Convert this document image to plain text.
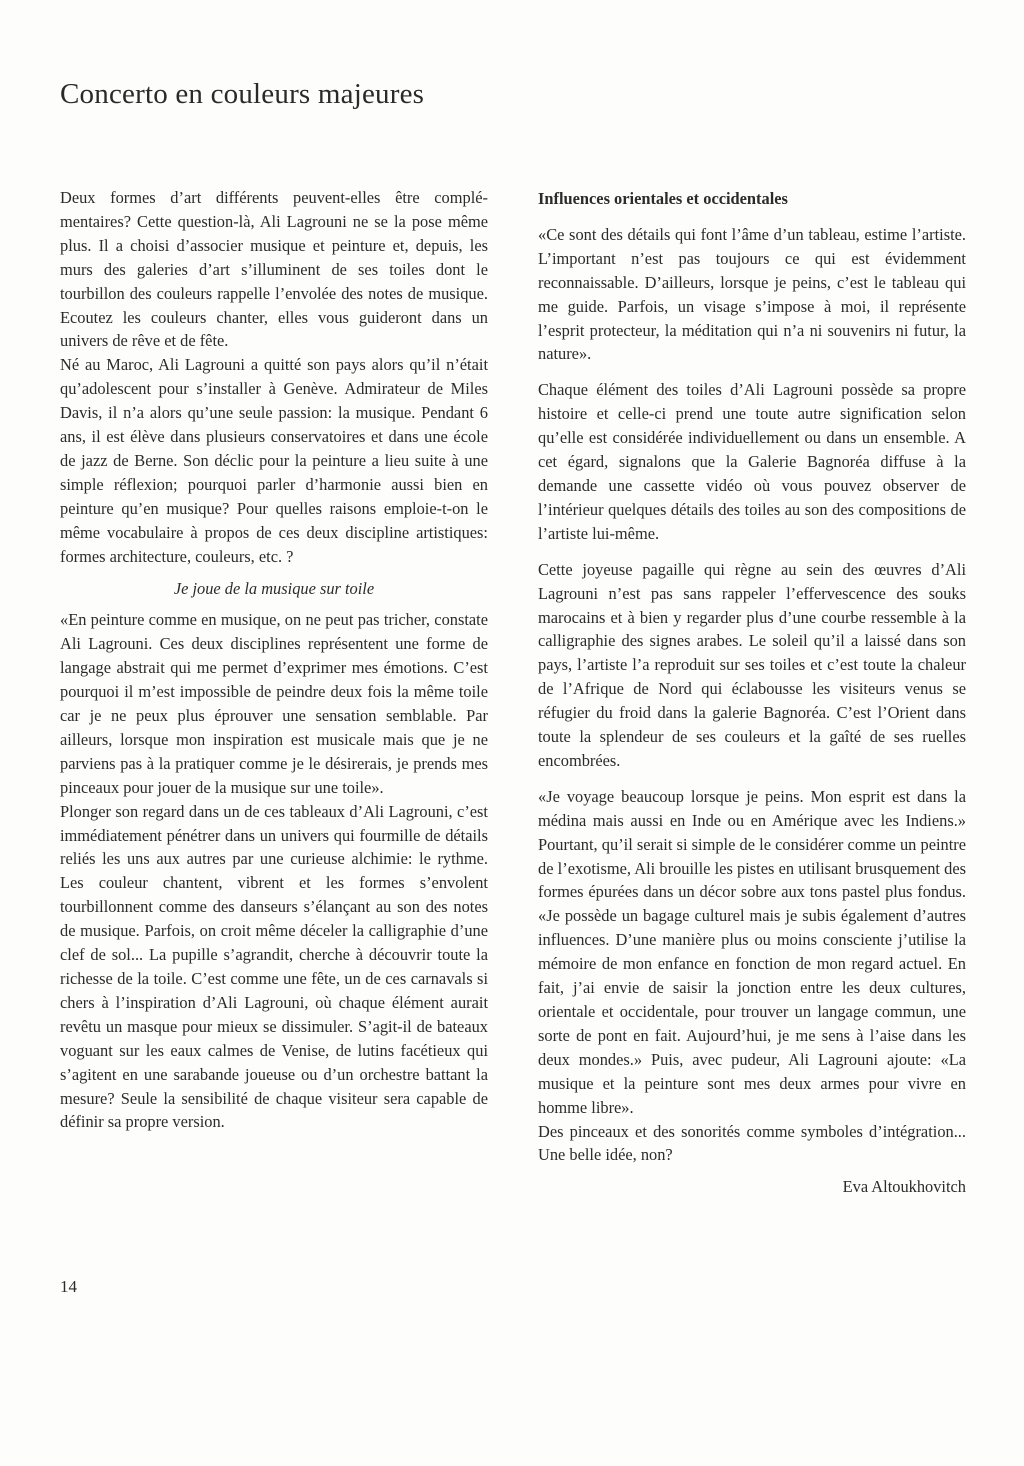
Concerto en couleurs majeures

Deux formes d’art différents peuvent-elles être complémentaires? Cette question-là, Ali Lagrouni ne se la pose même plus. Il a choisi d’associer musique et peinture et, depuis, les murs des galeries d’art s’illuminent de ses toiles dont le tourbillon des couleurs rappelle l’envolée des notes de musique. Ecoutez les couleurs chanter, elles vous guideront dans un univers de rêve et de fête.

Né au Maroc, Ali Lagrouni a quitté son pays alors qu’il n’était qu’adolescent pour s’installer à Genève. Admirateur de Miles Davis, il n’a alors qu’une seule passion: la musique. Pendant 6 ans, il est élève dans plusieurs conservatoires et dans une école de jazz de Berne. Son déclic pour la peinture a lieu suite à une simple réflexion; pourquoi parler d’harmonie aussi bien en peinture qu’en musique? Pour quelles raisons emploie-t-on le même vocabulaire à propos de ces deux discipline artistiques: formes architecture, couleurs, etc. ?

Je joue de la musique sur toile

«En peinture comme en musique, on ne peut pas tricher, constate Ali Lagrouni. Ces deux disciplines représentent une forme de langage abstrait qui me permet d’exprimer mes émotions. C’est pourquoi il m’est impossible de peindre deux fois la même toile car je ne peux plus éprouver une sensation semblable. Par ailleurs, lorsque mon inspiration est musicale mais que je ne parviens pas à la pratiquer comme je le désirerais, je prends mes pinceaux pour jouer de la musique sur une toile».

Plonger son regard dans un de ces tableaux d’Ali Lagrouni, c’est immédiatement pénétrer dans un univers qui fourmille de détails reliés les uns aux autres par une curieuse alchimie: le rythme. Les couleur chantent, vibrent et les formes s’envolent tourbillonnent comme des danseurs s’élançant au son des notes de musique. Parfois, on croit même déceler la calligraphie d’une clef de sol... La pupille s’agrandit, cherche à découvrir toute la richesse de la toile. C’est comme une fête, un de ces carnavals si chers à l’inspiration d’Ali Lagrouni, où chaque élément aurait revêtu un masque pour mieux se dissimuler. S’agit-il de bateaux voguant sur les eaux calmes de Venise, de lutins facétieux qui s’agitent en une sarabande joueuse ou d’un orchestre battant la mesure? Seule la sensibilité de chaque visiteur sera capable de définir sa propre version.

Influences orientales et occidentales

«Ce sont des détails qui font l’âme d’un tableau, estime l’artiste. L’important n’est pas toujours ce qui est évidemment reconnaissable. D’ailleurs, lorsque je peins, c’est le tableau qui me guide. Parfois, un visage s’impose à moi, il représente l’esprit protecteur, la méditation qui n’a ni souvenirs ni futur, la nature».

Chaque élément des toiles d’Ali Lagrouni possède sa propre histoire et celle-ci prend une toute autre signification selon qu’elle est considérée individuellement ou dans un ensemble. A cet égard, signalons que la Galerie Bagnoréa diffuse à la demande une cassette vidéo où vous pouvez observer de l’intérieur quelques détails des toiles au son des compositions de l’artiste lui-même.

Cette joyeuse pagaille qui règne au sein des œuvres d’Ali Lagrouni n’est pas sans rappeler l’effervescence des souks marocains et à bien y regarder plus d’une courbe ressemble à la calligraphie des signes arabes. Le soleil qu’il a laissé dans son pays, l’artiste l’a reproduit sur ses toiles et c’est toute la chaleur de l’Afrique de Nord qui éclabousse les visiteurs venus se réfugier du froid dans la galerie Bagnoréa. C’est l’Orient dans toute la splendeur de ses couleurs et la gaîté de ses ruelles encombrées.

«Je voyage beaucoup lorsque je peins. Mon esprit est dans la médina mais aussi en Inde ou en Amérique avec les Indiens.» Pourtant, qu’il serait si simple de le considérer comme un peintre de l’exotisme, Ali brouille les pistes en utilisant brusquement des formes épurées dans un décor sobre aux tons pastel plus fondus. «Je possède un bagage culturel mais je subis également d’autres influences. D’une manière plus ou moins consciente j’utilise la mémoire de mon enfance en fonction de mon regard actuel. En fait, j’ai envie de saisir la jonction entre les deux cultures, orientale et occidentale, pour trouver un langage commun, une sorte de pont en fait. Aujourd’hui, je me sens à l’aise dans les deux mondes.» Puis, avec pudeur, Ali Lagrouni ajoute: «La musique et la peinture sont mes deux armes pour vivre en homme libre».

Des pinceaux et des sonorités comme symboles d’intégration... Une belle idée, non?

Eva Altoukhovitch

14
